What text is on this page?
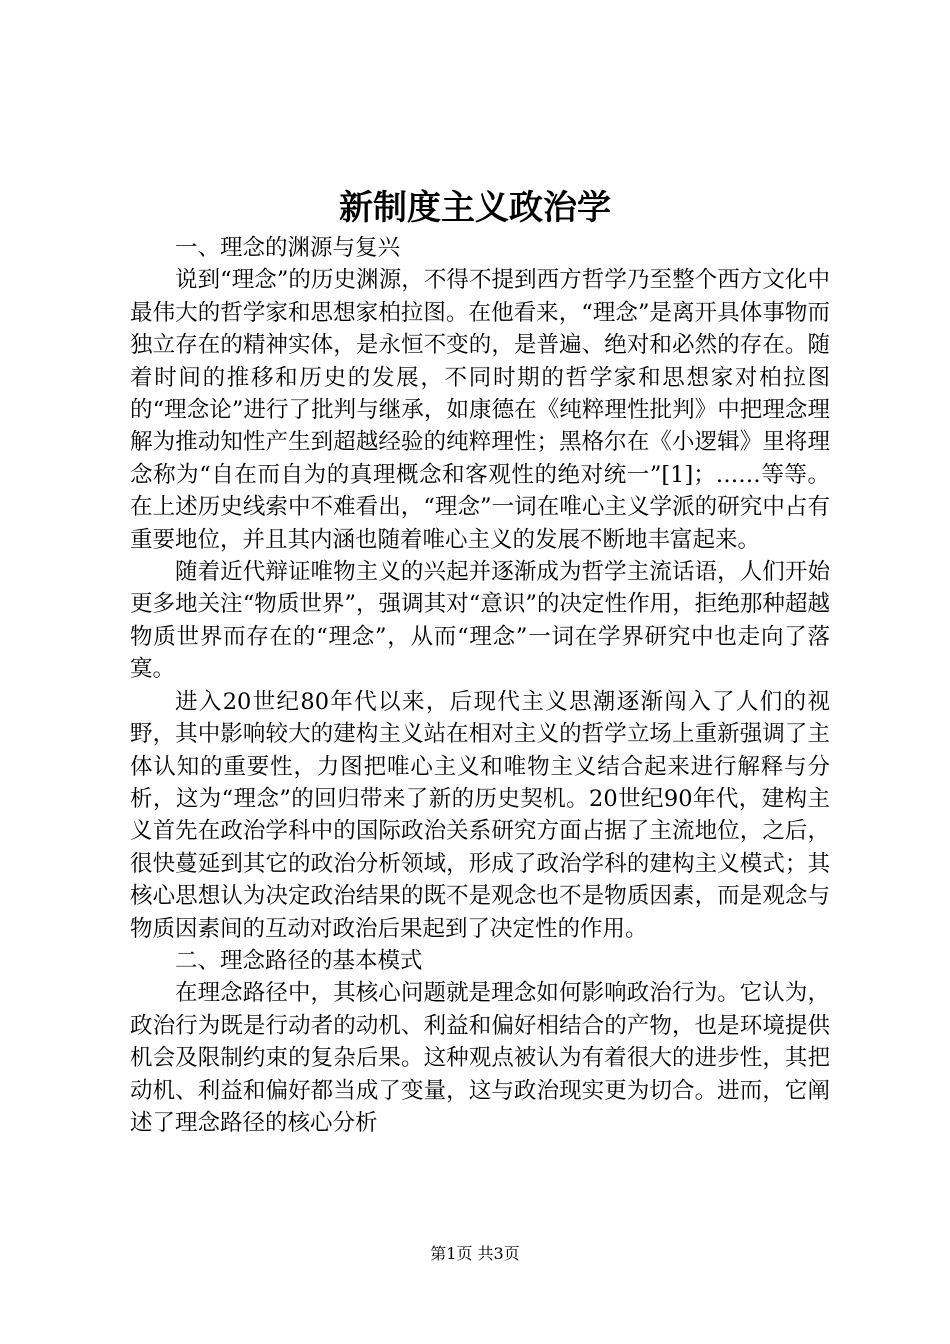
新制度主义政治学

一、理念的渊源与复兴

说到“理念”的历史渊源，不得不提到西方哲学乃至整个西方文化中最伟大的哲学家和思想家柏拉图。在他看来，“理念”是离开具体事物而独立存在的精神实体，是永恒不变的，是普遍、绝对和必然的存在。随着时间的推移和历史的发展，不同时期的哲学家和思想家对柏拉图的“理念论”进行了批判与继承，如康德在《纯粹理性批判》中把理念理解为推动知性产生到超越经验的纯粹理性；黑格尔在《小逻辑》里将理念称为“自在而自为的真理概念和客观性的绝对统一”[1]；……等等。在上述历史线索中不难看出，“理念”一词在唯心主义学派的研究中占有重要地位，并且其内涵也随着唯心主义的发展不断地丰富起来。

随着近代辩证唯物主义的兴起并逐渐成为哲学主流话语，人们开始更多地关注“物质世界”，强调其对“意识”的决定性作用，拒绝那种超越物质世界而存在的“理念”，从而“理念”一词在学界研究中也走向了落寞。

进入20世纪80年代以来，后现代主义思潮逐渐闯入了人们的视野，其中影响较大的建构主义站在相对主义的哲学立场上重新强调了主体认知的重要性，力图把唯心主义和唯物主义结合起来进行解释与分析，这为“理念”的回归带来了新的历史契机。20世纪90年代，建构主义首先在政治学科中的国际政治关系研究方面占据了主流地位，之后，很快蔓延到其它的政治分析领域，形成了政治学科的建构主义模式；其核心思想认为决定政治结果的既不是观念也不是物质因素，而是观念与物质因素间的互动对政治后果起到了决定性的作用。

二、理念路径的基本模式

在理念路径中，其核心问题就是理念如何影响政治行为。它认为，政治行为既是行动者的动机、利益和偏好相结合的产物，也是环境提供机会及限制约束的复杂后果。这种观点被认为有着很大的进步性，其把动机、利益和偏好都当成了变量，这与政治现实更为切合。进而，它阐述了理念路径的核心分析

第1页 共3页
